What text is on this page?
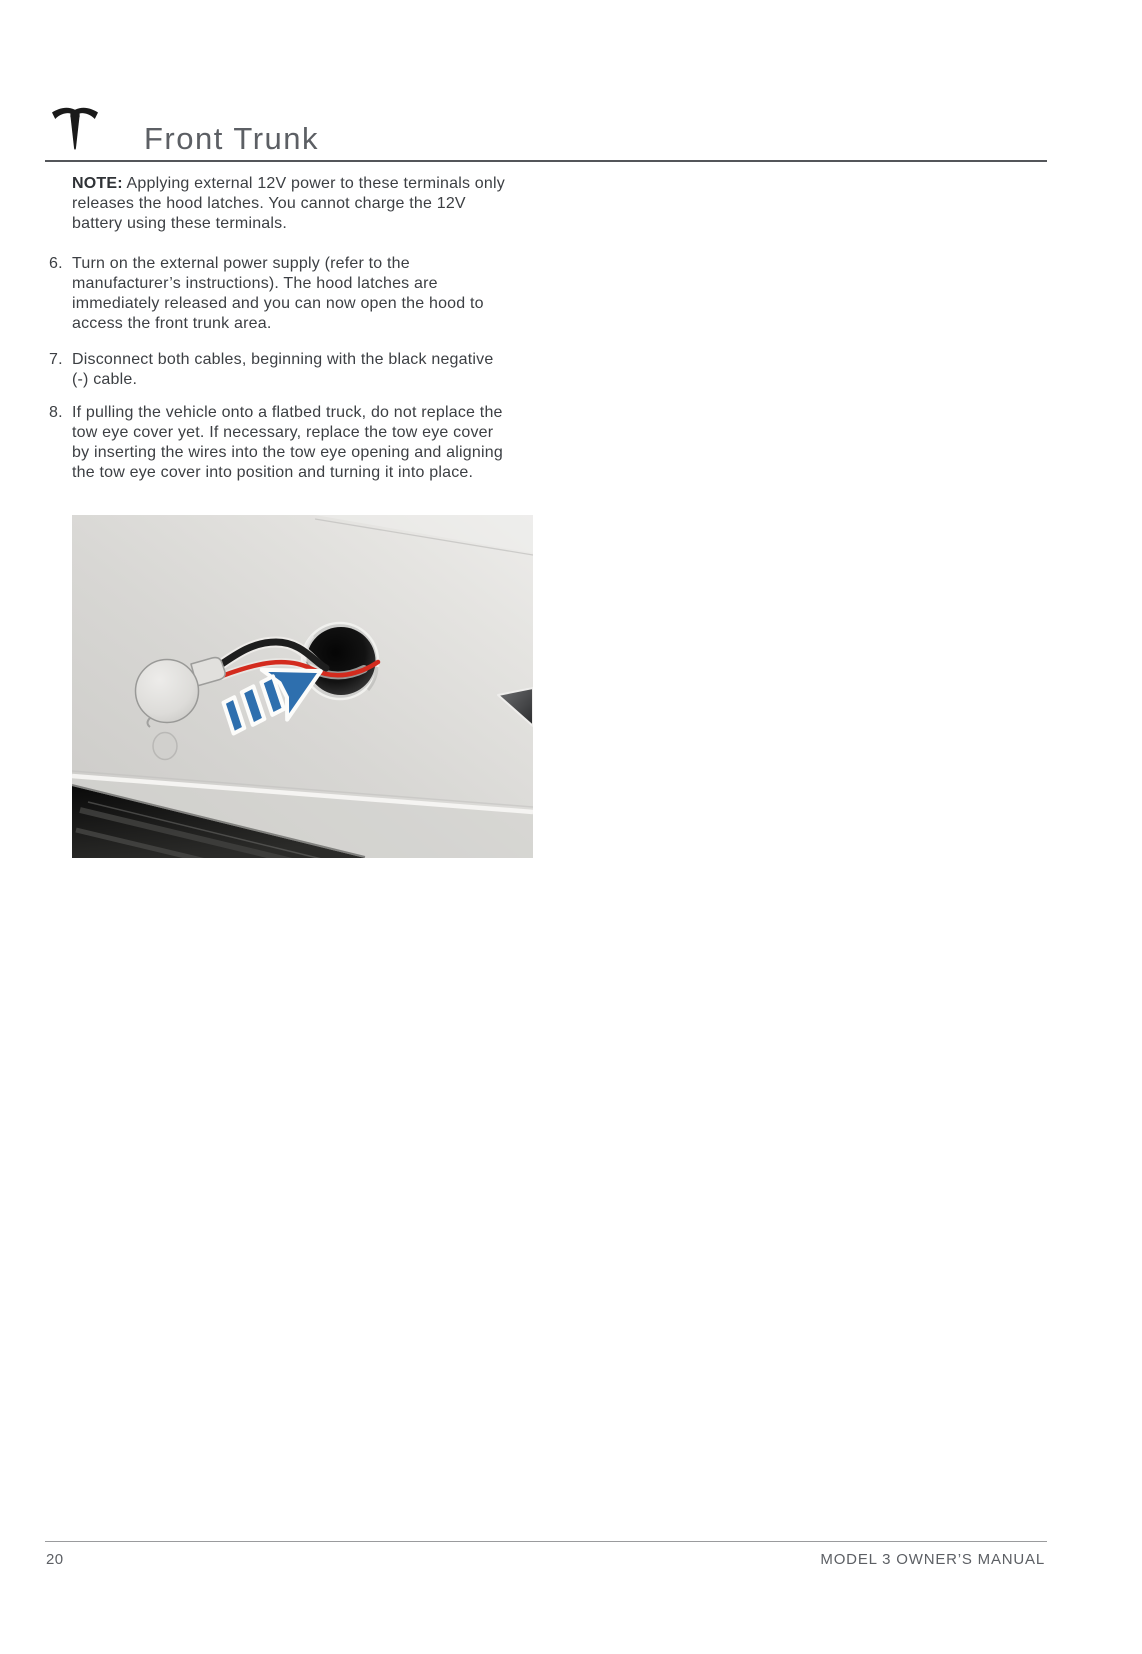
Front Trunk
NOTE: Applying external 12V power to these terminals only releases the hood latches. You cannot charge the 12V battery using these terminals.
6. Turn on the external power supply (refer to the manufacturer’s instructions). The hood latches are immediately released and you can now open the hood to access the front trunk area.
7. Disconnect both cables, beginning with the black negative (-) cable.
8. If pulling the vehicle onto a flatbed truck, do not replace the tow eye cover yet. If necessary, replace the tow eye cover by inserting the wires into the tow eye opening and aligning the tow eye cover into position and turning it into place.
20	MODEL 3 OWNER’S MANUAL
